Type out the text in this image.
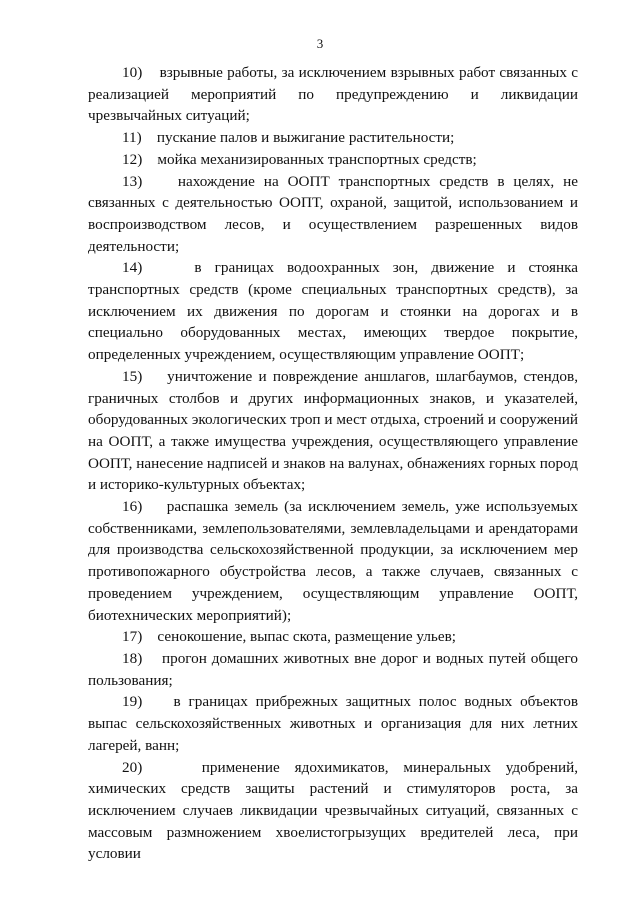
3

10)    взрывные работы, за исключением взрывных работ связанных с реализацией мероприятий по предупреждению и ликвидации чрезвычайных ситуаций;

11)    пускание палов и выжигание растительности;

12)    мойка механизированных транспортных средств;

13)    нахождение на ООПТ транспортных средств в целях, не связанных с деятельностью ООПТ, охраной, защитой, использованием и воспроизводством лесов, и осуществлением разрешенных видов деятельности;

14)    в границах водоохранных зон, движение и стоянка транспортных средств (кроме специальных транспортных средств), за исключением их движения по дорогам и стоянки на дорогах и в специально оборудованных местах, имеющих твердое покрытие, определенных учреждением, осуществляющим управление ООПТ;

15)    уничтожение и повреждение аншлагов, шлагбаумов, стендов, граничных столбов и других информационных знаков, и указателей, оборудованных экологических троп и мест отдыха, строений и сооружений на ООПТ, а также имущества учреждения, осуществляющего управление ООПТ, нанесение надписей и знаков на валунах, обнажениях горных пород и историко-культурных объектах;

16)    распашка земель (за исключением земель, уже используемых собственниками, землепользователями, землевладельцами и арендаторами для производства сельскохозяйственной продукции, за исключением мер противопожарного обустройства лесов, а также случаев, связанных с проведением учреждением, осуществляющим управление ООПТ, биотехнических мероприятий);

17)    сенокошение, выпас скота, размещение ульев;

18)    прогон домашних животных вне дорог и водных путей общего пользования;

19)    в границах прибрежных защитных полос водных объектов выпас сельскохозяйственных животных и организация для них летних лагерей, ванн;

20)    применение ядохимикатов, минеральных удобрений, химических средств защиты растений и стимуляторов роста, за исключением случаев ликвидации чрезвычайных ситуаций, связанных с массовым размножением хвоелистогрызущих вредителей леса, при условии
